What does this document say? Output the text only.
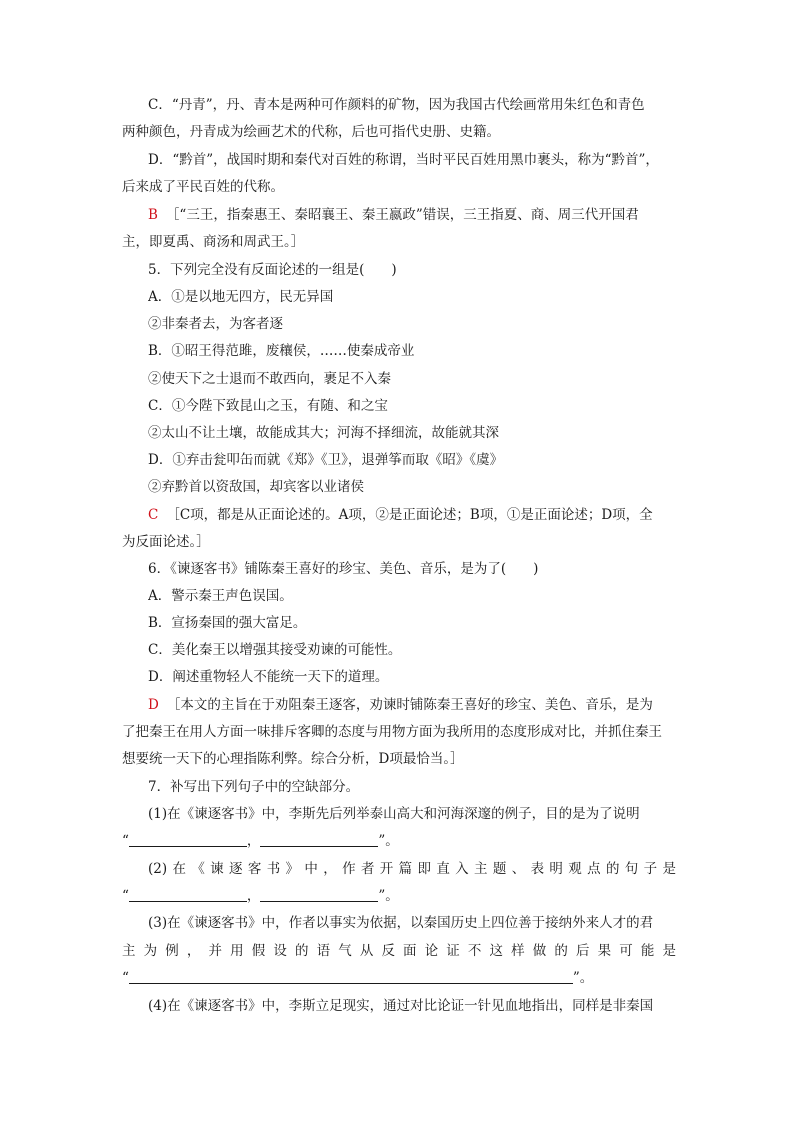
C．“丹青”，丹、青本是两种可作颜料的矿物，因为我国古代绘画常用朱红色和青色
两种颜色，丹青成为绘画艺术的代称，后也可指代史册、史籍。
D．“黔首”，战国时期和秦代对百姓的称谓，当时平民百姓用黑巾裹头，称为“黔首”，
后来成了平民百姓的代称。
B ［“三王，指秦惠王、秦昭襄王、秦王嬴政”错误，三王指夏、商、周三代开国君
主，即夏禹、商汤和周武王。］
5．下列完全没有反面论述的一组是(　　)
A．①是以地无四方，民无异国
②非秦者去，为客者逐
B．①昭王得范雎，废穰侯，……使秦成帝业
②使天下之士退而不敢西向，裹足不入秦
C．①今陛下致昆山之玉，有随、和之宝
②太山不让土壤，故能成其大；河海不择细流，故能就其深
D．①弃击瓮叩缶而就《郑》《卫》，退弹筝而取《昭》《虞》
②弃黔首以资敌国，却宾客以业诸侯
C ［C项，都是从正面论述的。A项，②是正面论述；B项，①是正面论述；D项，全
为反面论述。］
6．《谏逐客书》铺陈秦王喜好的珍宝、美色、音乐，是为了(　　)
A．警示秦王声色误国。
B．宣扬秦国的强大富足。
C．美化秦王以增强其接受劝谏的可能性。
D．阐述重物轻人不能统一天下的道理。
D ［本文的主旨在于劝阻秦王逐客，劝谏时铺陈秦王喜好的珍宝、美色、音乐，是为
了把秦王在用人方面一味排斥客卿的态度与用物方面为我所用的态度形成对比，并抓住秦王
想要统一天下的心理指陈利弊。综合分析，D项最恰当。］
7．补写出下列句子中的空缺部分。
(1)在《谏逐客书》中，李斯先后列举泰山高大和河海深邃的例子，目的是为了说明
“	，	”。
(2)在《谏逐客书》中，作者开篇即直入主题、表明观点的句子是
“	，	”。
(3)在《谏逐客书》中，作者以事实为依据，以秦国历史上四位善于接纳外来人才的君
主为例，并用假设的语气从反面论证不这样做的后果可能是
“	”。
(4)在《谏逐客书》中，李斯立足现实，通过对比论证一针见血地指出，同样是非秦国
